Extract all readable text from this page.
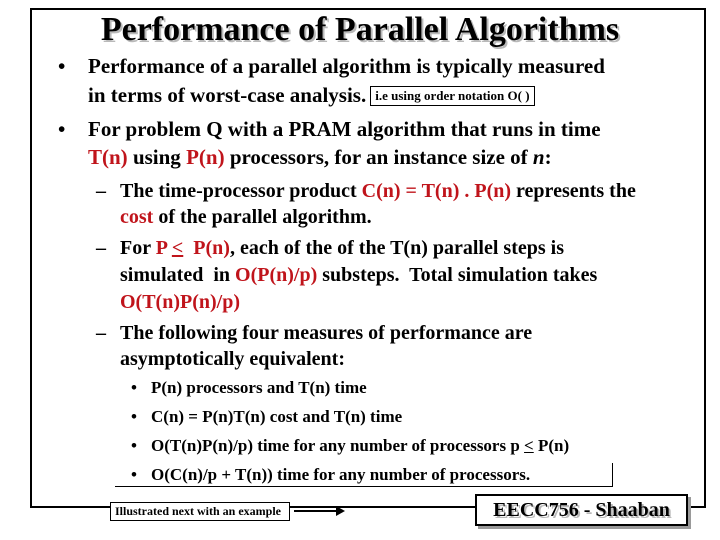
Performance of Parallel Algorithms
• Performance of a parallel algorithm is typically measured
in terms of worst-case analysis. i.e using order notation O( )
• For problem Q with a PRAM algorithm that runs in time
T(n) using P(n) processors, for an instance size of n:
– The time-processor product C(n) = T(n) . P(n) represents the
cost of the parallel algorithm.
– For P ≤  P(n), each of the of the T(n) parallel steps is
simulated  in O(P(n)/p) substeps.  Total simulation takes
O(T(n)P(n)/p)
– The following four measures of performance are
asymptotically equivalent:
• P(n) processors and T(n) time
• C(n) = P(n)T(n) cost and T(n) time
• O(T(n)P(n)/p) time for any number of processors p ≤ P(n)
• O(C(n)/p + T(n)) time for any number of processors.
Illustrated next with an example	EECC756 - Shaaban
